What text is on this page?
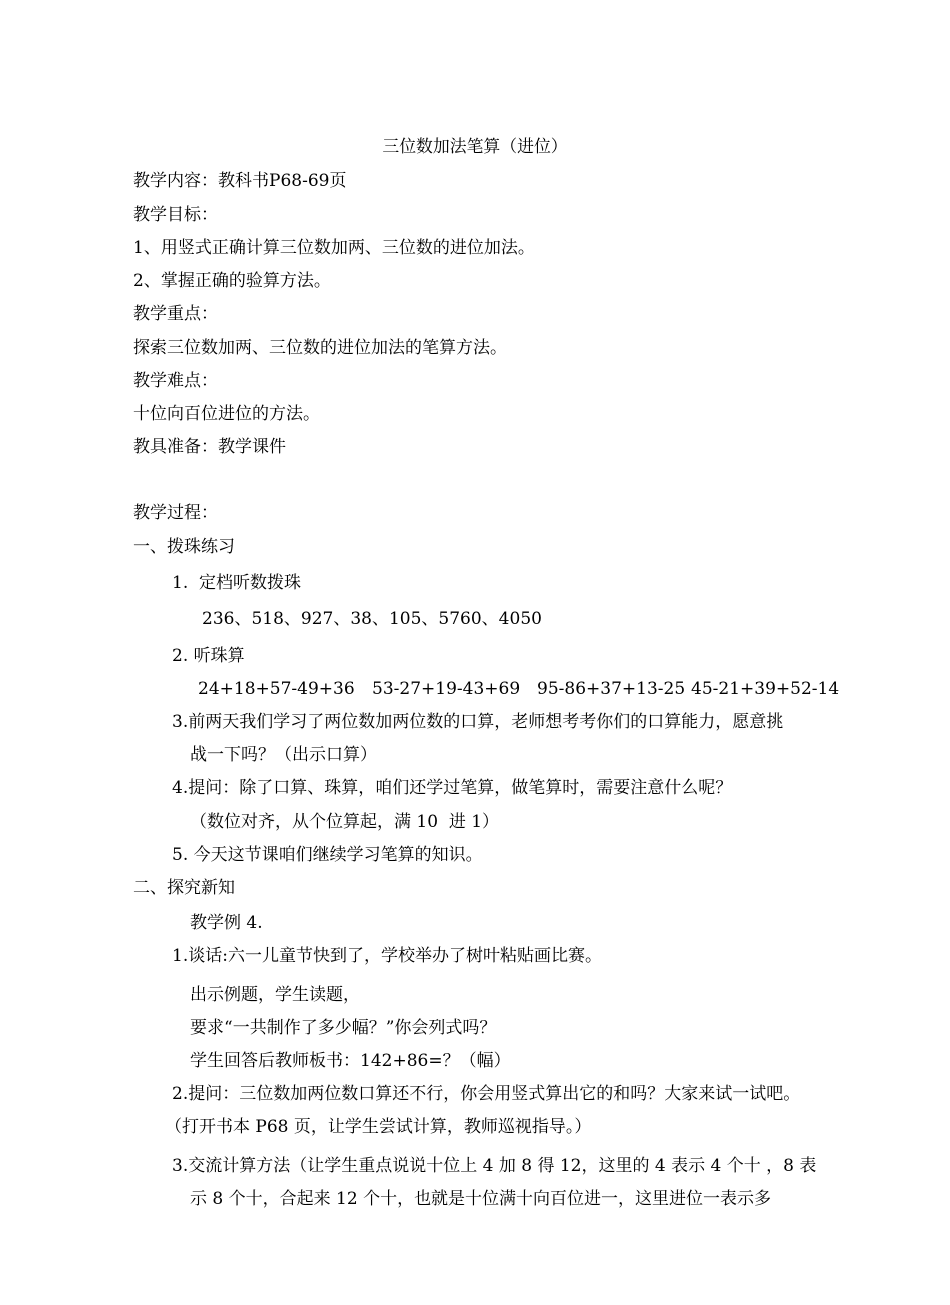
三位数加法笔算（进位）
教学内容：教科书P68-69页
教学目标：
1、用竖式正确计算三位数加两、三位数的进位加法。
2、掌握正确的验算方法。
教学重点：
探索三位数加两、三位数的进位加法的笔算方法。
教学难点：
十位向百位进位的方法。
教具准备：教学课件
教学过程：
一、拨珠练习
1.  定档听数拨珠
236、518、927、38、105、5760、4050
2. 听珠算
24+18+57-49+36 53-27+19-43+69 95-86+37+13-25 45-21+39+52-14
3.前两天我们学习了两位数加两位数的口算，老师想考考你们的口算能力，愿意挑
战一下吗？（出示口算）
4.提问：除了口算、珠算，咱们还学过笔算，做笔算时，需要注意什么呢？
（数位对齐，从个位算起，满 10  进 1）
5. 今天这节课咱们继续学习笔算的知识。
二、探究新知
教学例 4.
1.谈话:六一儿童节快到了，学校举办了树叶粘贴画比赛。
出示例题，学生读题，
要求“一共制作了多少幅？”你会列式吗？
学生回答后教师板书：142+86=？（幅）
2.提问：三位数加两位数口算还不行，你会用竖式算出它的和吗？大家来试一试吧。
（打开书本 P68 页，让学生尝试计算，教师巡视指导。）
3.交流计算方法（让学生重点说说十位上 4 加 8 得 12，这里的 4 表示 4 个十 ，8 表
示 8 个十，合起来 12 个十，也就是十位满十向百位进一，这里进位一表示多
